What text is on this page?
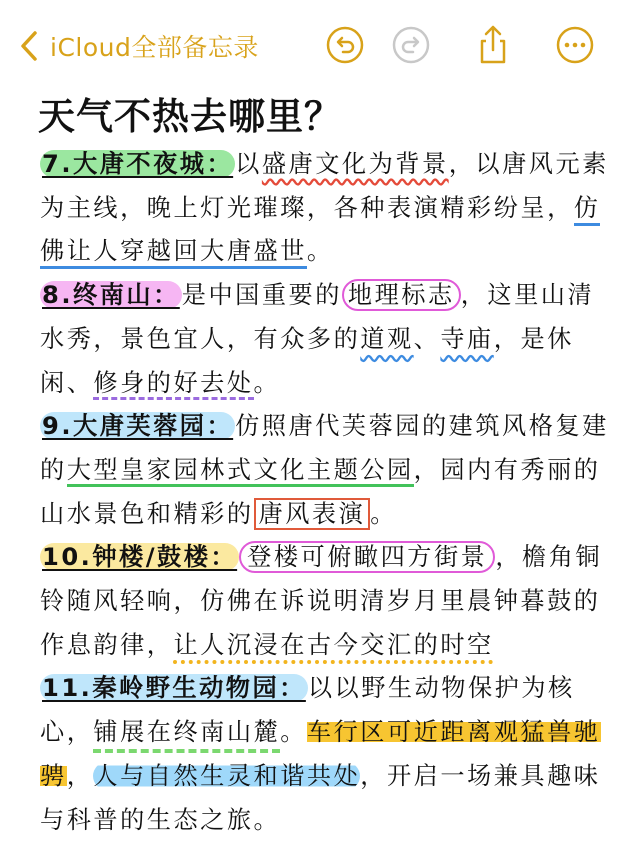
iCloud全部备忘录
天气不热去哪里？
7.大唐不夜城：以盛唐文化为背景，以唐风元素为主线，晚上灯光璀璨，各种表演精彩纷呈，仿佛让人穿越回大唐盛世。
8.终南山：是中国重要的 地理标志 ，这里山清水秀，景色宜人，有众多的道观、寺庙，是休闲、修身的好去处。
9.大唐芙蓉园：仿照唐代芙蓉园的建筑风格复建的大型皇家园林式文化主题公园，园内有秀丽的山水景色和精彩的 唐风表演 。
10.钟楼/鼓楼： 登楼可俯瞰四方街景 ，檐角铜铃随风轻响，仿佛在诉说明清岁月里晨钟暮鼓的作息韵律，让人沉浸在古今交汇的时空
11.秦岭野生动物园：以以野生动物保护为核心，铺展在终南山麓。车行区可近距离观猛兽驰骋，人与自然生灵和谐共处，开启一场兼具趣味与科普的生态之旅。
